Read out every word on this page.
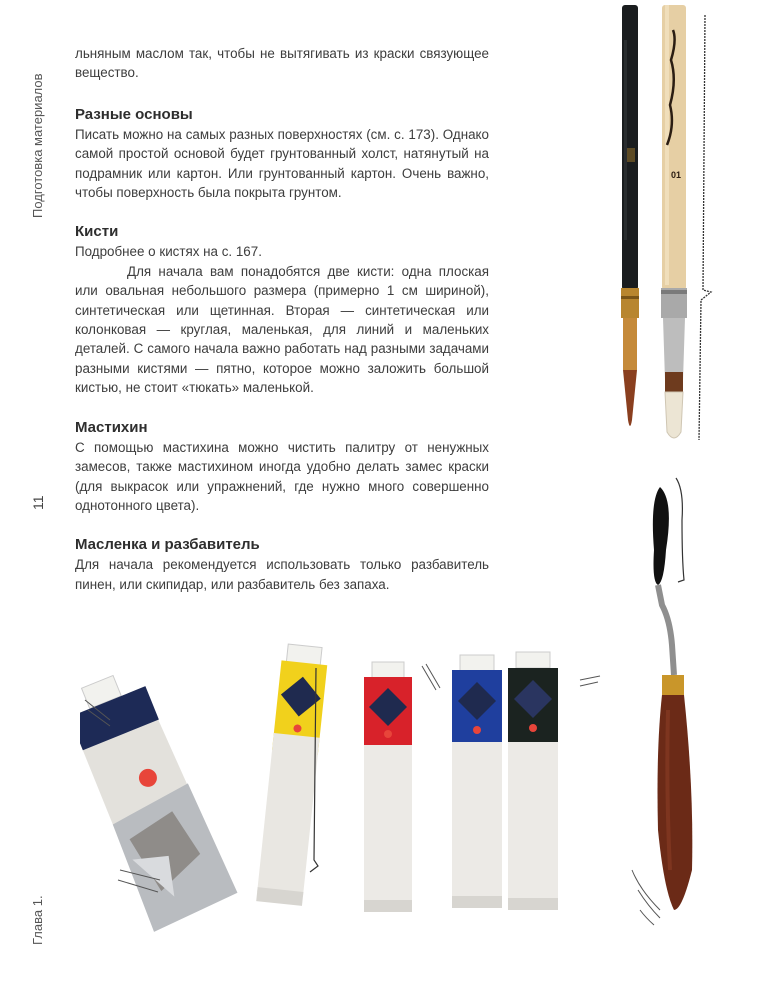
Подготовка материалов
11
Глава 1.

льняным маслом так, чтобы не вытягивать из краски связующее вещество.

Разные основы

Писать можно на самых разных поверхностях (см. с. 173). Однако самой простой основой будет грунтованный холст, натянутый на подрамник или картон. Или грунтованный картон. Очень важно, чтобы поверхность была покрыта грунтом.

Кисти

Подробнее о кистях на с. 167.

Для начала вам понадобятся две кисти: одна плоская или овальная небольшого размера (примерно 1 см шириной), синтетическая или щетинная. Вторая — синтетическая или колонковая — круглая, маленькая, для линий и маленьких деталей. С самого начала важно работать над разными задачами разными кистями — пятно, которое можно заложить большой кистью, не стоит «тюкать» маленькой.

Мастихин

С помощью мастихина можно чистить палитру от ненужных замесов, также мастихином иногда удобно делать замес краски (для выкрасок или упражнений, где нужно много совершенно однотонного цвета).

Масленка и разбавитель

Для начала рекомендуется использовать только разбавитель пинен, или скипидар, или разбавитель без запаха.

01
